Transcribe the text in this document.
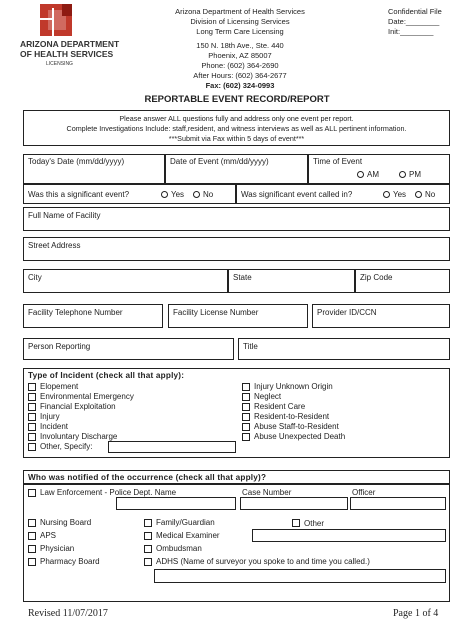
ARIZONA DEPARTMENT
OF HEALTH SERVICES
LICENSING
Arizona Department of Health Services
Division of Licensing Services
Long Term Care Licensing
150 N. 18th Ave., Ste. 440
Phoenix, AZ 85007
Phone: (602) 364-2690
After Hours: (602) 364-2677
Fax: (602) 324-0993
Confidential File
Date:________
Init:________
REPORTABLE EVENT RECORD/REPORT
Please answer ALL questions fully and address only one event per report.
Complete Investigations Include: staff,resident, and witness interviews as well as ALL pertinent information.
***Submit via Fax within 5 days of event***
Today's Date (mm/dd/yyyy)	Date of Event (mm/dd/yyyy)	Time of Event
AM	PM
Was this a significant event?	Yes No	Was significant event called in?	Yes No
Full Name of Facility
Street Address
City	State	Zip Code
Facility Telephone Number	Facility License Number	Provider ID/CCN
Person Reporting	Title
Type of Incident (check all that apply):
Elopement
Environmental Emergency
Financial Exploitation
Injury
Incident
Involuntary Discharge
Other, Specify:
Injury Unknown Origin
Neglect
Resident Care
Resident-to-Resident
Abuse Staff-to-Resident
Abuse Unexpected Death
Who was notified of the occurrence (check all that apply)?
Law Enforcement - Police Dept. Name	Case Number	Officer
Nursing Board	Family/Guardian	Other
APS	Medical Examiner
Physician	Ombudsman
Pharmacy Board	ADHS (Name of surveyor you spoke to and time you called.)
Revised 11/07/2017	Page 1 of 4
